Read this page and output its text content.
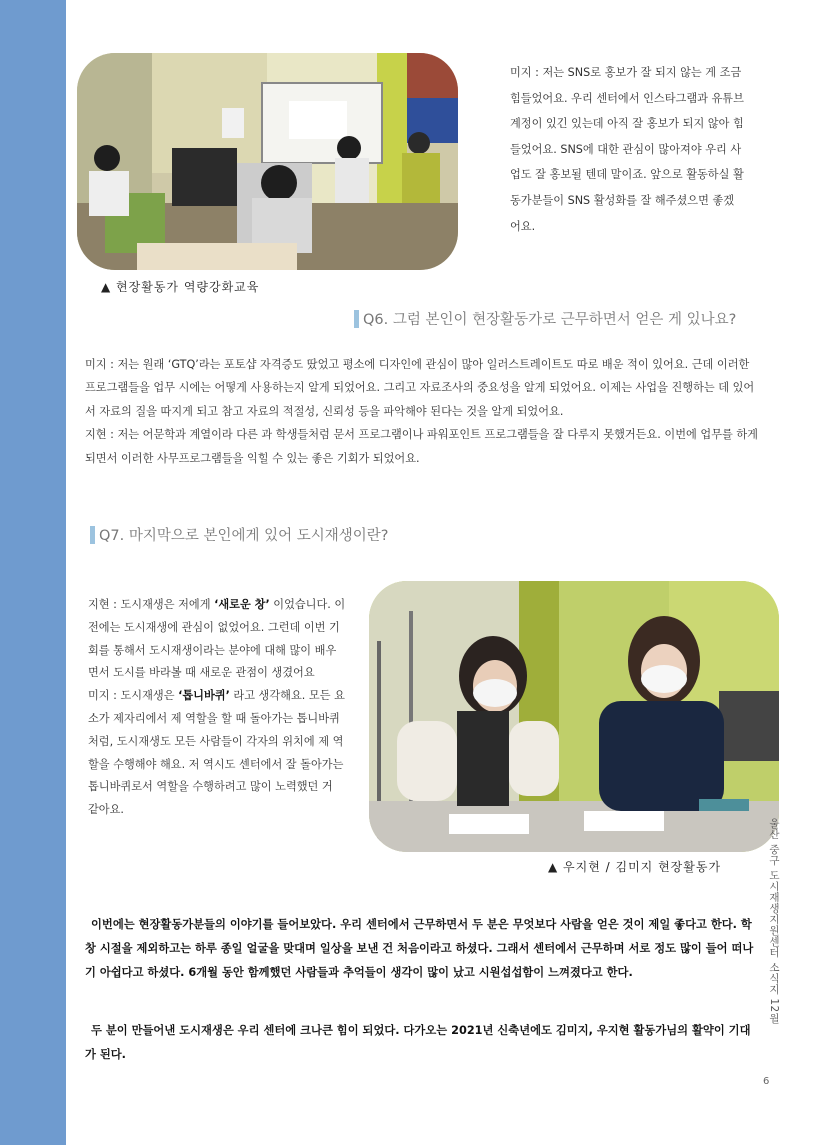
▲ 현장활동가 역량강화교육

미지 : 저는 SNS로 홍보가 잘 되지 않는 게 조금 힘들었어요. 우리 센터에서 인스타그램과 유튜브 계정이 있긴 있는데 아직 잘 홍보가 되지 않아 힘들었어요. SNS에 대한 관심이 많아져야 우리 사업도 잘 홍보될 텐데 말이죠. 앞으로 활동하실 활동가분들이 SNS 활성화를 잘 해주셨으면 좋겠어요.

Q6. 그럼 본인이 현장활동가로 근무하면서 얻은 게 있나요?

미지 : 저는 원래 ‘GTQ’라는 포토샵 자격증도 땄었고 평소에 디자인에 관심이 많아 일러스트레이트도 따로 배운 적이 있어요. 근데 이러한 프로그램들을 업무 시에는 어떻게 사용하는지 알게 되었어요. 그리고 자료조사의 중요성을 알게 되었어요. 이제는 사업을 진행하는 데 있어서 자료의 질을 따지게 되고 참고 자료의 적절성, 신뢰성 등을 파악해야 된다는 것을 알게 되었어요.

지현 : 저는 어문학과 계열이라 다른 과 학생들처럼 문서 프로그램이나 파워포인트 프로그램들을 잘 다루지 못했거든요. 이번에 업무를 하게 되면서 이러한 사무프로그램들을 익힐 수 있는 좋은 기회가 되었어요.

Q7. 마지막으로 본인에게 있어 도시재생이란?

지현 : 도시재생은 저에게 ‘새로운 창’ 이었습니다. 이전에는 도시재생에 관심이 없었어요. 그런데 이번 기회를 통해서 도시재생이라는 분야에 대해 많이 배우면서 도시를 바라볼 때 새로운 관점이 생겼어요

미지 : 도시재생은 ‘톱니바퀴’ 라고 생각해요. 모든 요소가 제자리에서 제 역할을 할 때 돌아가는 톱니바퀴처럼, 도시재생도 모든 사람들이 각자의 위치에 제 역할을 수행해야 해요. 저 역시도 센터에서 잘 돌아가는 톱니바퀴로서 역할을 수행하려고 많이 노력했던 거 같아요.

▲ 우지현 / 김미지 현장활동가

이번에는 현장활동가분들의 이야기를 들어보았다. 우리 센터에서 근무하면서 두 분은 무엇보다 사람을 얻은 것이 제일 좋다고 한다. 학창 시절을 제외하고는 하루 종일 얼굴을 맞대며 일상을 보낸 건 처음이라고 하셨다. 그래서 센터에서 근무하며 서로 정도 많이 들어 떠나기 아쉽다고 하셨다. 6개월 동안 함께했던 사람들과 추억들이 생각이 많이 났고 시원섭섭함이 느껴졌다고 한다.

두 분이 만들어낸 도시재생은 우리 센터에 크나큰 힘이 되었다. 다가오는 2021년 신축년에도 김미지, 우지현 활동가님의 활약이 기대가 된다.

울산 중구 도시재생지원센터 소식지 12월
6
